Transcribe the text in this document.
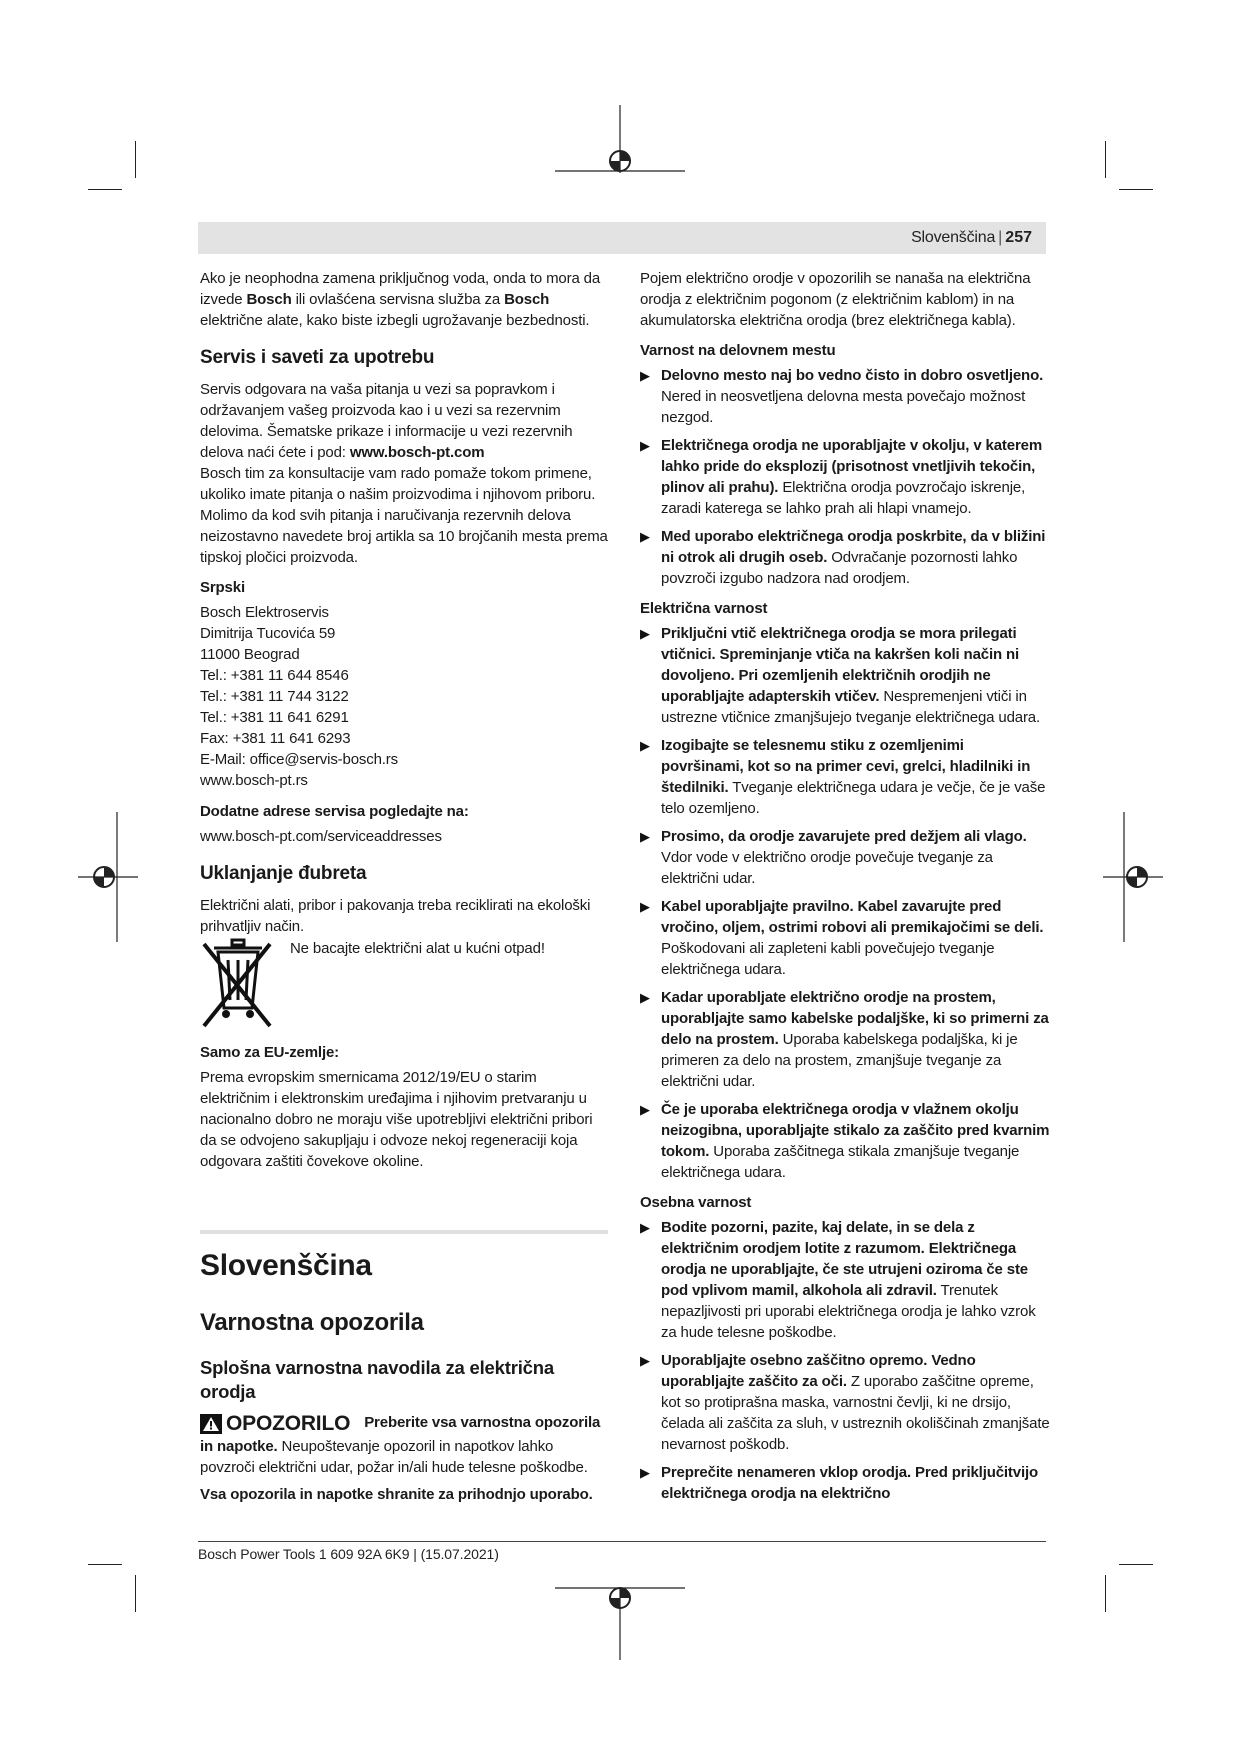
Slovenščina | 257

Ako je neophodna zamena priključnog voda, onda to mora da izvede Bosch ili ovlašćena servisna služba za Bosch električne alate, kako biste izbegli ugrožavanje bezbednosti.

Servis i saveti za upotrebu

Servis odgovara na vaša pitanja u vezi sa popravkom i održavanjem vašeg proizvoda kao i u vezi sa rezervnim delovima. Šematske prikaze i informacije u vezi rezervnih delova naći ćete i pod: www.bosch-pt.com

Bosch tim za konsultacije vam rado pomaže tokom primene, ukoliko imate pitanja o našim proizvodima i njihovom priboru.

Molimo da kod svih pitanja i naručivanja rezervnih delova neizostavno navedete broj artikla sa 10 brojčanih mesta prema tipskoj pločici proizvoda.

Srpski
Bosch Elektroservis
Dimitrija Tucovića 59
11000 Beograd
Tel.: +381 11 644 8546
Tel.: +381 11 744 3122
Tel.: +381 11 641 6291
Fax: +381 11 641 6293
E-Mail: office@servis-bosch.rs
www.bosch-pt.rs
Dodatne adrese servisa pogledajte na:

www.bosch-pt.com/serviceaddresses

Uklanjanje đubreta

Električni alati, pribor i pakovanja treba reciklirati na ekološki prihvatljiv način.

Ne bacajte električni alat u kućni otpad!
Samo za EU-zemlje:

Prema evropskim smernicama 2012/19/EU o starim električnim i elektronskim uređajima i njihovim pretvaranju u nacionalno dobro ne moraju više upotrebljivi električni pribori da se odvojeno sakupljaju i odvoze nekoj regeneraciji koja odgovara zaštiti čovekove okoline.

Slovenščina
Varnostna opozorila
Splošna varnostna navodila za električna orodja

OPOZORILO Preberite vsa varnostna opozorila in napotke. Neupoštevanje opozoril in napotkov lahko povzroči električni udar, požar in/ali hude telesne poškodbe.

Vsa opozorila in napotke shranite za prihodnjo uporabo.

Pojem električno orodje v opozorilih se nanaša na električna orodja z električnim pogonom (z električnim kablom) in na akumulatorska električna orodja (brez električnega kabla).

Varnost na delovnem mestu
▶ Delovno mesto naj bo vedno čisto in dobro osvetljeno. Nered in neosvetljena delovna mesta povečajo možnost nezgod.
▶ Električnega orodja ne uporabljajte v okolju, v katerem lahko pride do eksplozij (prisotnost vnetljivih tekočin, plinov ali prahu). Električna orodja povzročajo iskrenje, zaradi katerega se lahko prah ali hlapi vnamejo.
▶ Med uporabo električnega orodja poskrbite, da v bližini ni otrok ali drugih oseb. Odvračanje pozornosti lahko povzroči izgubo nadzora nad orodjem.
Električna varnost
▶ Priključni vtič električnega orodja se mora prilegati vtičnici. Spreminjanje vtiča na kakršen koli način ni dovoljeno. Pri ozemljenih električnih orodjih ne uporabljajte adapterskih vtičev. Nespremenjeni vtiči in ustrezne vtičnice zmanjšujejo tveganje električnega udara.
▶ Izogibajte se telesnemu stiku z ozemljenimi površinami, kot so na primer cevi, grelci, hladilniki in štedilniki. Tveganje električnega udara je večje, če je vaše telo ozemljeno.
▶ Prosimo, da orodje zavarujete pred dežjem ali vlago. Vdor vode v električno orodje povečuje tveganje za električni udar.
▶ Kabel uporabljajte pravilno. Kabel zavarujte pred vročino, oljem, ostrimi robovi ali premikajočimi se deli. Poškodovani ali zapleteni kabli povečujejo tveganje električnega udara.
▶ Kadar uporabljate električno orodje na prostem, uporabljajte samo kabelske podaljške, ki so primerni za delo na prostem. Uporaba kabelskega podaljška, ki je primeren za delo na prostem, zmanjšuje tveganje za električni udar.
▶ Če je uporaba električnega orodja v vlažnem okolju neizogibna, uporabljajte stikalo za zaščito pred kvarnim tokom. Uporaba zaščitnega stikala zmanjšuje tveganje električnega udara.
Osebna varnost
▶ Bodite pozorni, pazite, kaj delate, in se dela z električnim orodjem lotite z razumom. Električnega orodja ne uporabljajte, če ste utrujeni oziroma če ste pod vplivom mamil, alkohola ali zdravil. Trenutek nepazljivosti pri uporabi električnega orodja je lahko vzrok za hude telesne poškodbe.
▶ Uporabljajte osebno zaščitno opremo. Vedno uporabljajte zaščito za oči. Z uporabo zaščitne opreme, kot so protiprašna maska, varnostni čevlji, ki ne drsijo, čelada ali zaščita za sluh, v ustreznih okoliščinah zmanjšate nevarnost poškodb.
▶ Preprečite nenameren vklop orodja. Pred priključitvijo električnega orodja na električno
Bosch Power Tools 1 609 92A 6K9 | (15.07.2021)
